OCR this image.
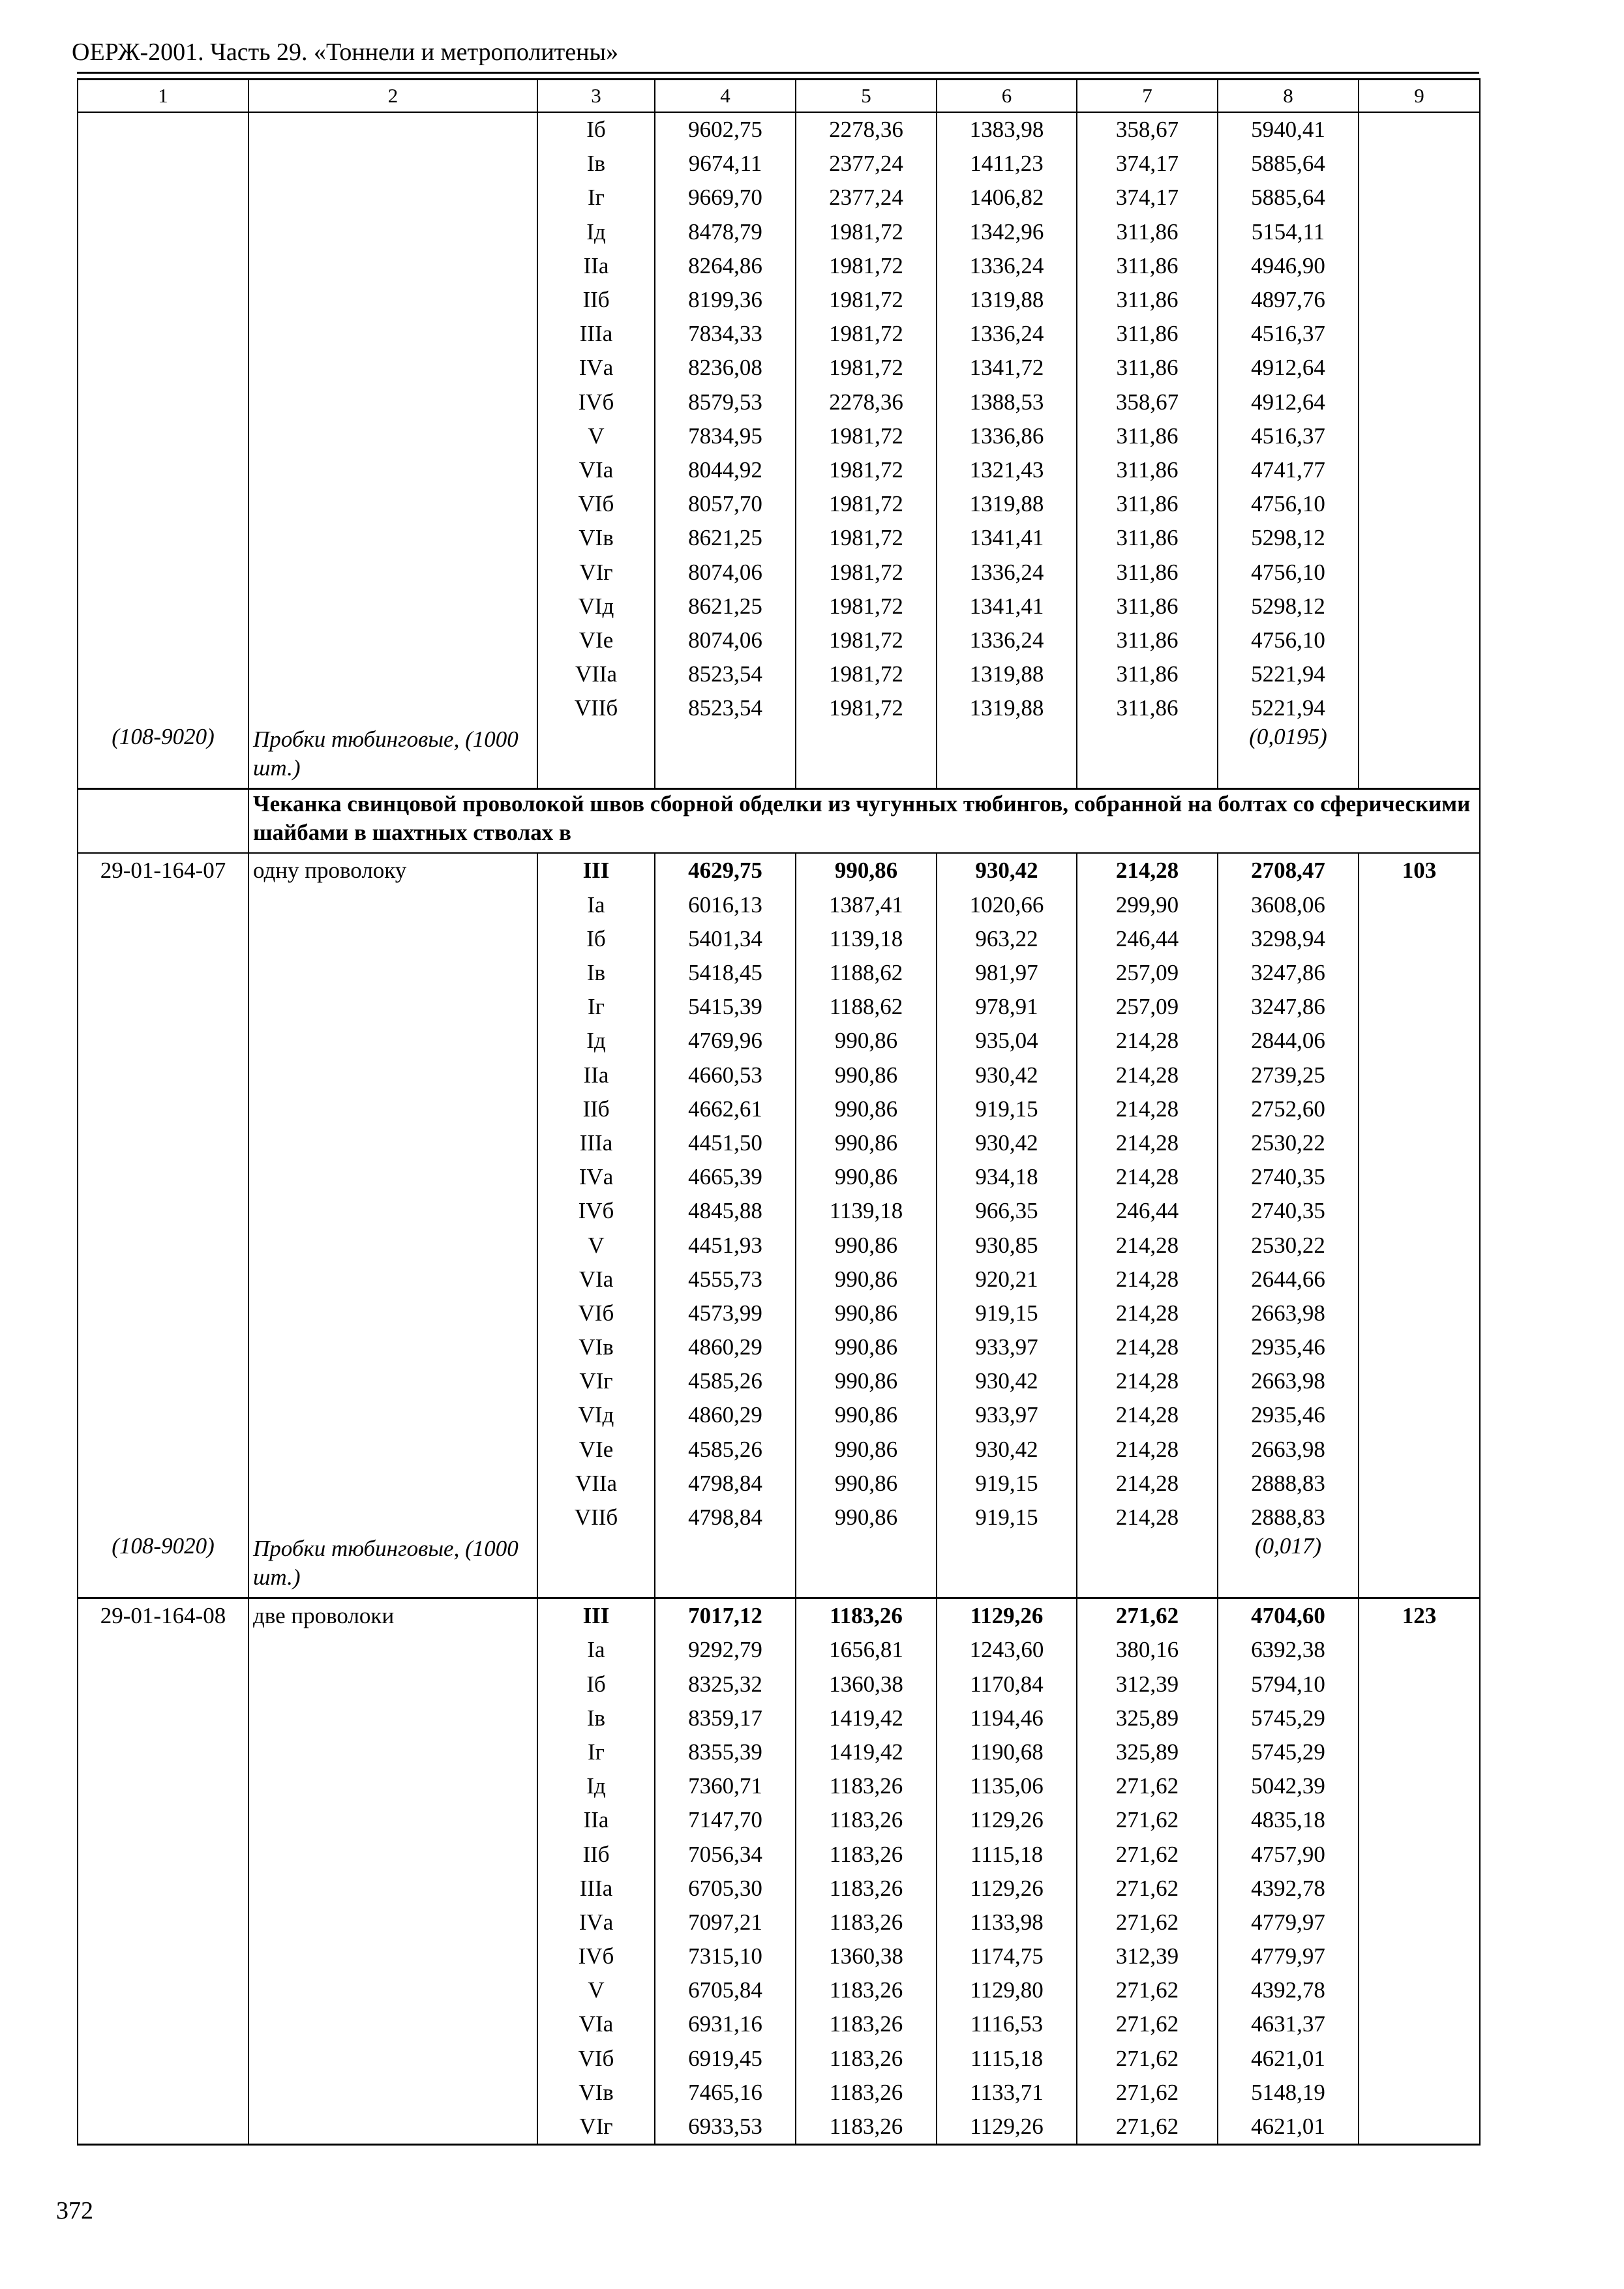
ОЕРЖ-2001. Часть 29. «Тоннели и метрополитены»
1	2	3	4	5	6	7	8	9
		Iб	9602,75	2278,36	1383,98	358,67	5940,41	
		Iв	9674,11	2377,24	1411,23	374,17	5885,64	
		Iг	9669,70	2377,24	1406,82	374,17	5885,64	
		Iд	8478,79	1981,72	1342,96	311,86	5154,11	
		IIа	8264,86	1981,72	1336,24	311,86	4946,90	
		IIб	8199,36	1981,72	1319,88	311,86	4897,76	
		IIIа	7834,33	1981,72	1336,24	311,86	4516,37	
		IVа	8236,08	1981,72	1341,72	311,86	4912,64	
		IVб	8579,53	2278,36	1388,53	358,67	4912,64	
		V	7834,95	1981,72	1336,86	311,86	4516,37	
		VIа	8044,92	1981,72	1321,43	311,86	4741,77	
		VIб	8057,70	1981,72	1319,88	311,86	4756,10	
		VIв	8621,25	1981,72	1341,41	311,86	5298,12	
		VIг	8074,06	1981,72	1336,24	311,86	4756,10	
		VIд	8621,25	1981,72	1341,41	311,86	5298,12	
		VIе	8074,06	1981,72	1336,24	311,86	4756,10	
		VIIа	8523,54	1981,72	1319,88	311,86	5221,94	
		VIIб	8523,54	1981,72	1319,88	311,86	5221,94	
(108-9020)	Пробки тюбинговые, (1000 шт.)						(0,0195)	
	Чеканка свинцовой проволокой швов сборной обделки из чугунных тюбингов, собранной на болтах со сферическими шайбами в шахтных стволах в							
29-01-164-07	одну проволоку	III	4629,75	990,86	930,42	214,28	2708,47	103
		Iа	6016,13	1387,41	1020,66	299,90	3608,06	
		Iб	5401,34	1139,18	963,22	246,44	3298,94	
		Iв	5418,45	1188,62	981,97	257,09	3247,86	
		Iг	5415,39	1188,62	978,91	257,09	3247,86	
		Iд	4769,96	990,86	935,04	214,28	2844,06	
		IIа	4660,53	990,86	930,42	214,28	2739,25	
		IIб	4662,61	990,86	919,15	214,28	2752,60	
		IIIа	4451,50	990,86	930,42	214,28	2530,22	
		IVа	4665,39	990,86	934,18	214,28	2740,35	
		IVб	4845,88	1139,18	966,35	246,44	2740,35	
		V	4451,93	990,86	930,85	214,28	2530,22	
		VIа	4555,73	990,86	920,21	214,28	2644,66	
		VIб	4573,99	990,86	919,15	214,28	2663,98	
		VIв	4860,29	990,86	933,97	214,28	2935,46	
		VIг	4585,26	990,86	930,42	214,28	2663,98	
		VIд	4860,29	990,86	933,97	214,28	2935,46	
		VIе	4585,26	990,86	930,42	214,28	2663,98	
		VIIа	4798,84	990,86	919,15	214,28	2888,83	
		VIIб	4798,84	990,86	919,15	214,28	2888,83	
(108-9020)	Пробки тюбинговые, (1000 шт.)						(0,017)	
29-01-164-08	две проволоки	III	7017,12	1183,26	1129,26	271,62	4704,60	123
		Iа	9292,79	1656,81	1243,60	380,16	6392,38	
		Iб	8325,32	1360,38	1170,84	312,39	5794,10	
		Iв	8359,17	1419,42	1194,46	325,89	5745,29	
		Iг	8355,39	1419,42	1190,68	325,89	5745,29	
		Iд	7360,71	1183,26	1135,06	271,62	5042,39	
		IIа	7147,70	1183,26	1129,26	271,62	4835,18	
		IIб	7056,34	1183,26	1115,18	271,62	4757,90	
		IIIа	6705,30	1183,26	1129,26	271,62	4392,78	
		IVа	7097,21	1183,26	1133,98	271,62	4779,97	
		IVб	7315,10	1360,38	1174,75	312,39	4779,97	
		V	6705,84	1183,26	1129,80	271,62	4392,78	
		VIа	6931,16	1183,26	1116,53	271,62	4631,37	
		VIб	6919,45	1183,26	1115,18	271,62	4621,01	
		VIв	7465,16	1183,26	1133,71	271,62	5148,19	
		VIг	6933,53	1183,26	1129,26	271,62	4621,01	
372
